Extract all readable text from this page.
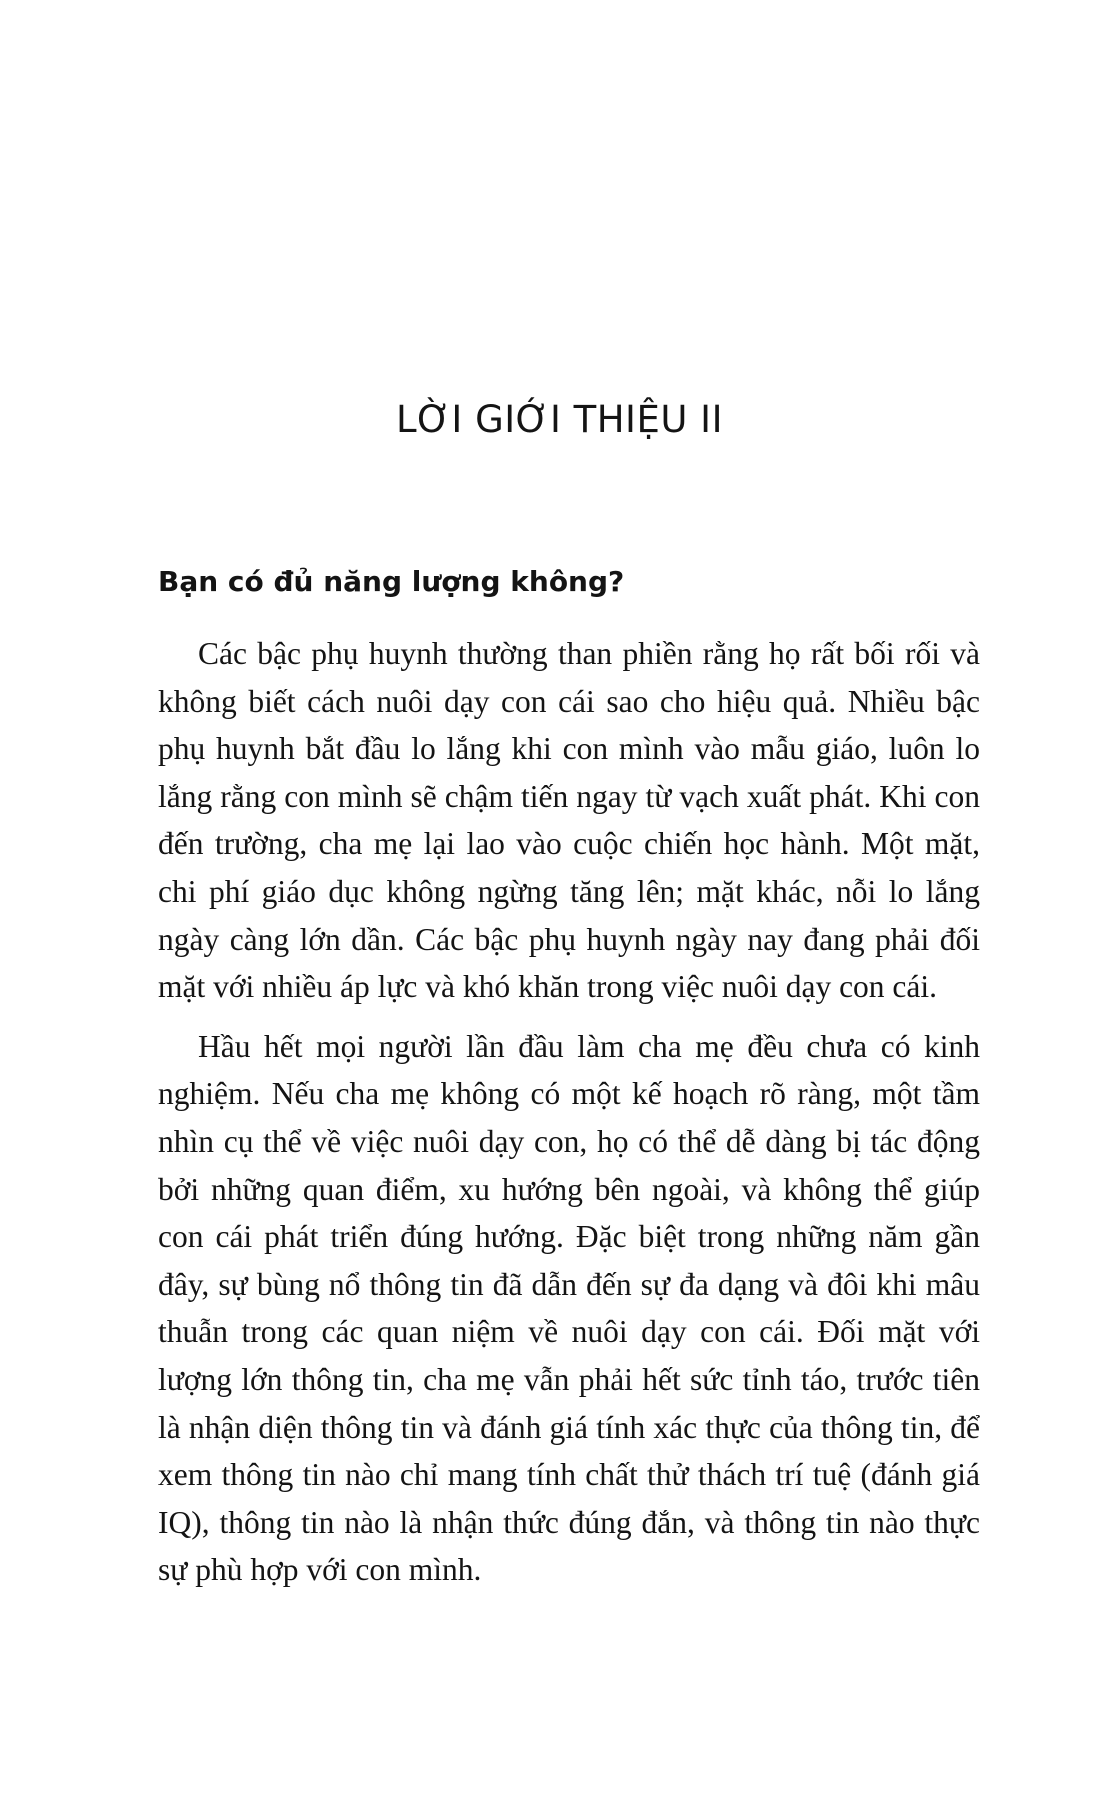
LỜI GIỚI THIỆU II
Bạn có đủ năng lượng không?

Các bậc phụ huynh thường than phiền rằng họ rất bối rối và không biết cách nuôi dạy con cái sao cho hiệu quả. Nhiều bậc phụ huynh bắt đầu lo lắng khi con mình vào mẫu giáo, luôn lo lắng rằng con mình sẽ chậm tiến ngay từ vạch xuất phát. Khi con đến trường, cha mẹ lại lao vào cuộc chiến học hành. Một mặt, chi phí giáo dục không ngừng tăng lên; mặt khác, nỗi lo lắng ngày càng lớn dần. Các bậc phụ huynh ngày nay đang phải đối mặt với nhiều áp lực và khó khăn trong việc nuôi dạy con cái.

Hầu hết mọi người lần đầu làm cha mẹ đều chưa có kinh nghiệm. Nếu cha mẹ không có một kế hoạch rõ ràng, một tầm nhìn cụ thể về việc nuôi dạy con, họ có thể dễ dàng bị tác động bởi những quan điểm, xu hướng bên ngoài, và không thể giúp con cái phát triển đúng hướng. Đặc biệt trong những năm gần đây, sự bùng nổ thông tin đã dẫn đến sự đa dạng và đôi khi mâu thuẫn trong các quan niệm về nuôi dạy con cái. Đối mặt với lượng lớn thông tin, cha mẹ vẫn phải hết sức tỉnh táo, trước tiên là nhận diện thông tin và đánh giá tính xác thực của thông tin, để xem thông tin nào chỉ mang tính chất thử thách trí tuệ (đánh giá IQ), thông tin nào là nhận thức đúng đắn, và thông tin nào thực sự phù hợp với con mình.
